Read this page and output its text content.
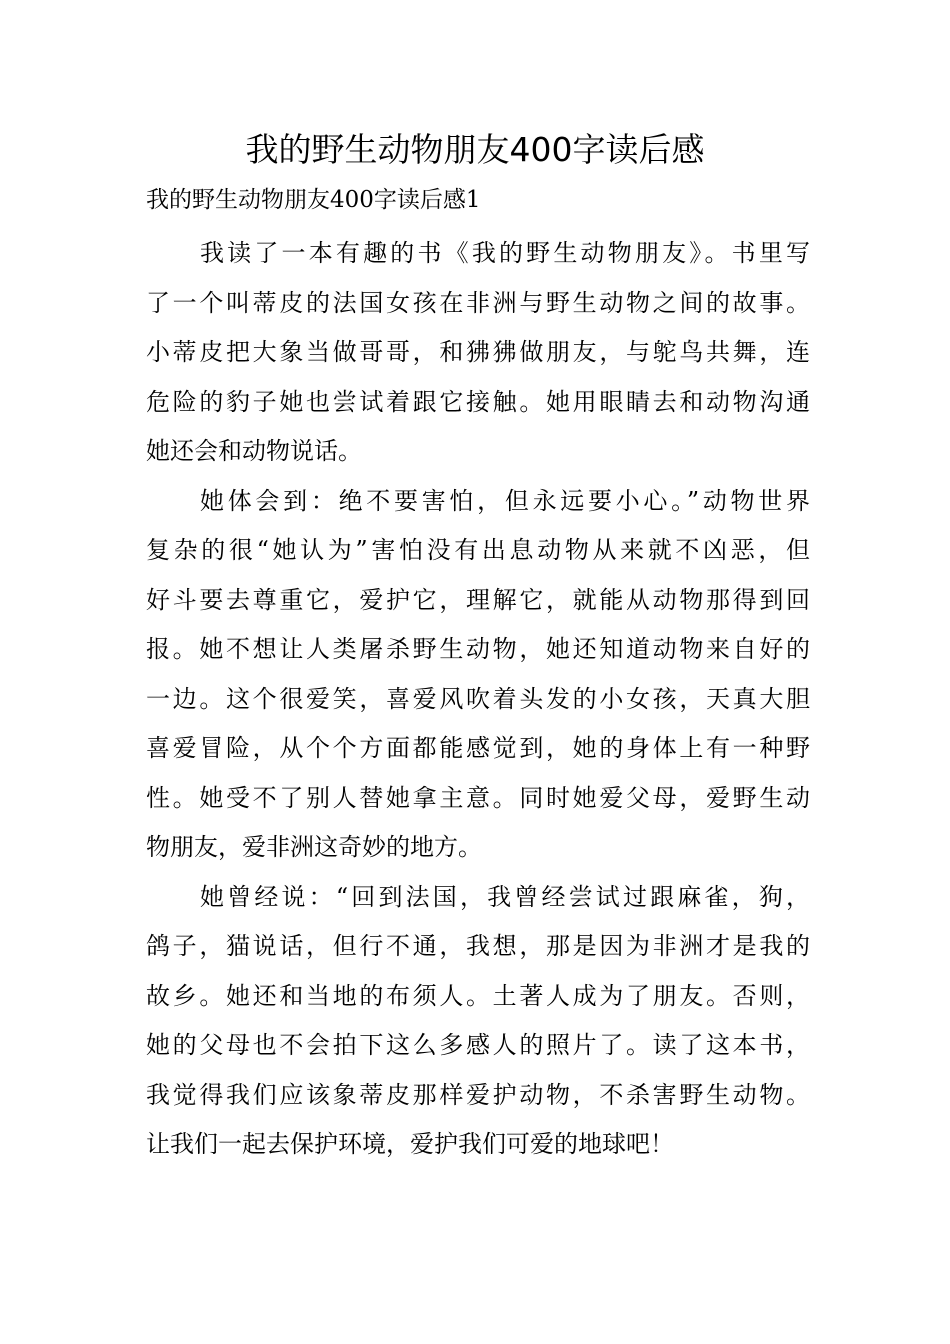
我的野生动物朋友400字读后感

我的野生动物朋友400字读后感1

我读了一本有趣的书《我的野生动物朋友》。书里写
了一个叫蒂皮的法国女孩在非洲与野生动物之间的故事。
小蒂皮把大象当做哥哥，和狒狒做朋友，与鸵鸟共舞，连
危险的豹子她也尝试着跟它接触。她用眼睛去和动物沟通
她还会和动物说话。

她体会到：绝不要害怕，但永远要小心。”动物世界
复杂的很“她认为”害怕没有出息动物从来就不凶恶，但
好斗要去尊重它，爱护它，理解它，就能从动物那得到回
报。她不想让人类屠杀野生动物，她还知道动物来自好的
一边。这个很爱笑，喜爱风吹着头发的小女孩，天真大胆
喜爱冒险，从个个方面都能感觉到，她的身体上有一种野
性。她受不了别人替她拿主意。同时她爱父母，爱野生动
物朋友，爱非洲这奇妙的地方。

她曾经说：“回到法国，我曾经尝试过跟麻雀，狗，
鸽子，猫说话，但行不通，我想，那是因为非洲才是我的
故乡。她还和当地的布须人。土著人成为了朋友。否则，
她的父母也不会拍下这么多感人的照片了。读了这本书，
我觉得我们应该象蒂皮那样爱护动物，不杀害野生动物。
让我们一起去保护环境，爱护我们可爱的地球吧！
